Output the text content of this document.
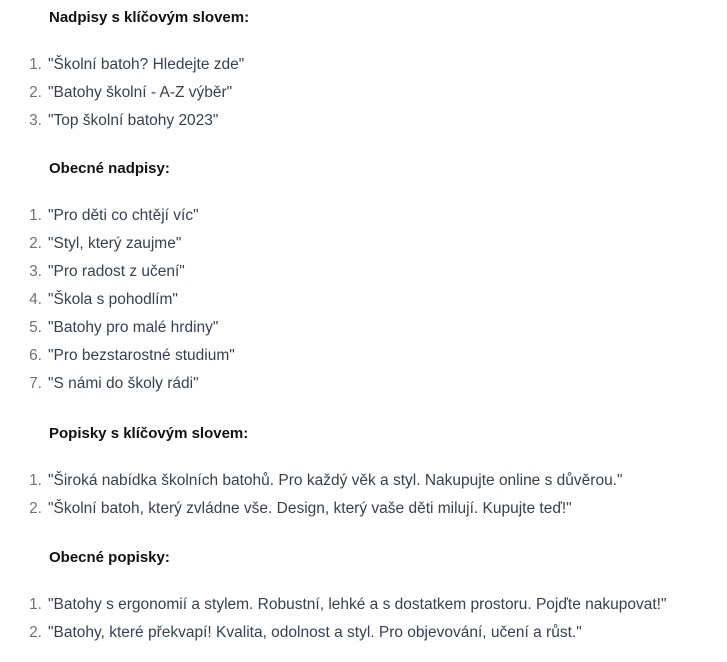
Nadpisy s klíčovým slovem:
1. "Školní batoh? Hledejte zde"
2. "Batohy školní - A-Z výběr"
3. "Top školní batohy 2023"
Obecné nadpisy:
1. "Pro děti co chtějí víc"
2. "Styl, který zaujme"
3. "Pro radost z učení"
4. "Škola s pohodlím"
5. "Batohy pro malé hrdiny"
6. "Pro bezstarostné studium"
7. "S námi do školy rádi"
Popisky s klíčovým slovem:
1. "Široká nabídka školních batohů. Pro každý věk a styl. Nakupujte online s důvěrou."
2. "Školní batoh, který zvládne vše. Design, který vaše děti milují. Kupujte teď!"
Obecné popisky:
1. "Batohy s ergonomií a stylem. Robustní, lehké a s dostatkem prostoru. Pojďte nakupovat!"
2. "Batohy, které překvapí! Kvalita, odolnost a styl. Pro objevování, učení a růst."
